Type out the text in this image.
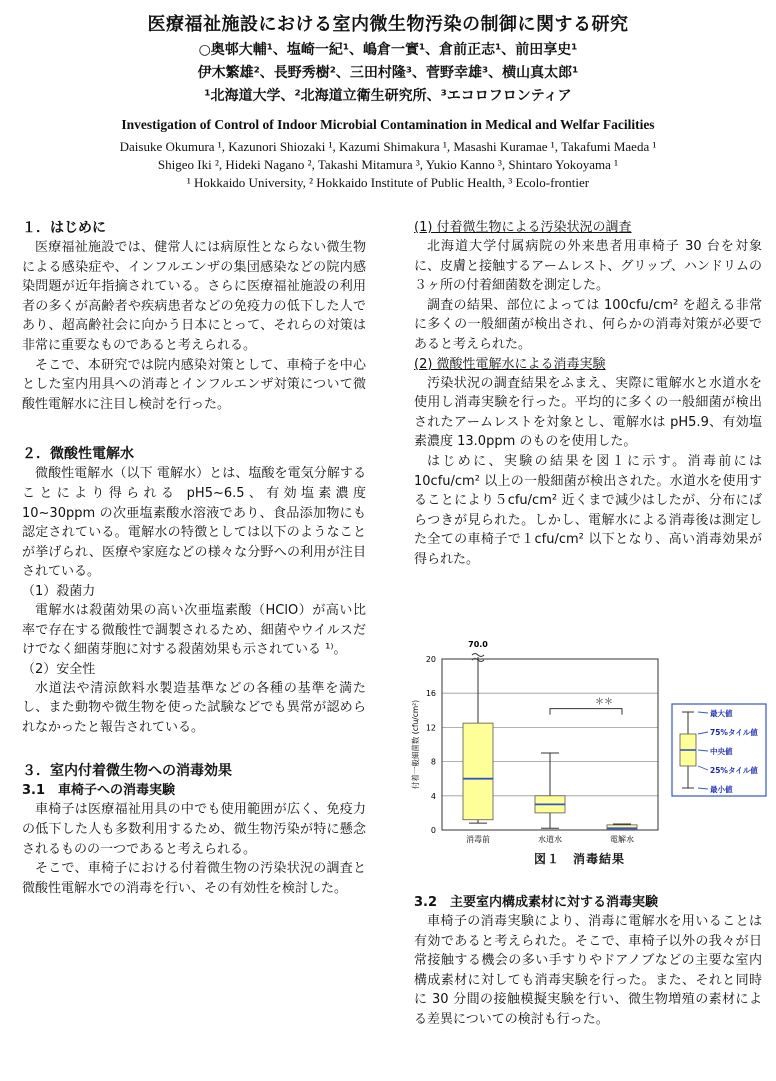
医療福祉施設における室内微生物汚染の制御に関する研究
○奥邨大輔¹、塩崎一紀¹、嶋倉一實¹、倉前正志¹、前田享史¹
伊木繁雄²、長野秀樹²、三田村隆³、菅野幸雄³、横山真太郎¹
¹北海道大学、²北海道立衛生研究所、³エコロフロンティア
Investigation of Control of Indoor Microbial Contamination in Medical and Welfar Facilities
Daisuke Okumura ¹, Kazunori Shiozaki ¹, Kazumi Shimakura ¹, Masashi Kuramae ¹, Takafumi Maeda ¹
Shigeo Iki ², Hideki Nagano ², Takashi Mitamura ³, Yukio Kanno ³, Shintaro Yokoyama ¹
¹ Hokkaido University, ² Hokkaido Institute of Public Health, ³ Ecolo-frontier
１．はじめに

医療福祉施設では、健常人には病原性とならない微生物による感染症や、インフルエンザの集団感染などの院内感染問題が近年指摘されている。さらに医療福祉施設の利用者の多くが高齢者や疾病患者などの免疫力の低下した人であり、超高齢社会に向かう日本にとって、それらの対策は非常に重要なものであると考えられる。

そこで、本研究では院内感染対策として、車椅子を中心とした室内用具への消毒とインフルエンザ対策について微酸性電解水に注目し検討を行った。

２．微酸性電解水

微酸性電解水（以下 電解水）とは、塩酸を電気分解することにより得られる pH5~6.5、有効塩素濃度 10~30ppm の次亜塩素酸水溶液であり、食品添加物にも認定されている。電解水の特徴としては以下のようなことが挙げられ、医療や家庭などの様々な分野への利用が注目されている。

（1）殺菌力

電解水は殺菌効果の高い次亜塩素酸（HClO）が高い比率で存在する微酸性で調製されるため、細菌やウイルスだけでなく細菌芽胞に対する殺菌効果も示されている ¹⁾。

（2）安全性

水道法や清涼飲料水製造基準などの各種の基準を満たし、また動物や微生物を使った試験などでも異常が認められなかったと報告されている。

３．室内付着微生物への消毒効果
3.1　車椅子への消毒実験

車椅子は医療福祉用具の中でも使用範囲が広く、免疫力の低下した人も多数利用するため、微生物汚染が特に懸念されるものの一つであると考えられる。

そこで、車椅子における付着微生物の汚染状況の調査と微酸性電解水での消毒を行い、その有効性を検討した。

(1) 付着微生物による汚染状況の調査

北海道大学付属病院の外来患者用車椅子 30 台を対象に、皮膚と接触するアームレスト、グリップ、ハンドリムの３ヶ所の付着細菌数を測定した。

調査の結果、部位によっては 100cfu/cm² を超える非常に多くの一般細菌が検出され、何らかの消毒対策が必要であると考えられた。

(2) 微酸性電解水による消毒実験

汚染状況の調査結果をふまえ、実際に電解水と水道水を使用し消毒実験を行った。平均的に多くの一般細菌が検出されたアームレストを対象とし、電解水は pH5.9、有効塩素濃度 13.0ppm のものを使用した。

はじめに、実験の結果を図１に示す。消毒前には 10cfu/cm² 以上の一般細菌が検出された。水道水を使用することにより５cfu/cm² 近くまで減少はしたが、分布にばらつきが見られた。しかし、電解水による消毒後は測定した全ての車椅子で１cfu/cm² 以下となり、高い消毒効果が得られた。

3.2　主要室内構成素材に対する消毒実験

車椅子の消毒実験により、消毒に電解水を用いることは有効であると考えられた。そこで、車椅子以外の我々が日常接触する機会の多い手すりやドアノブなどの主要な室内構成素材に対しても消毒実験を行った。また、それと同時に 30 分間の接触模擬実験を行い、微生物増殖の素材による差異についての検討も行った。

0
4
8
12
16
20
付着一般細菌数 (cfu/cm²)
消毒前	水道水	電解水
70.0
＊＊
最大値
75%タイル値
中央値
25%タイル値
最小値
図１　消毒結果
